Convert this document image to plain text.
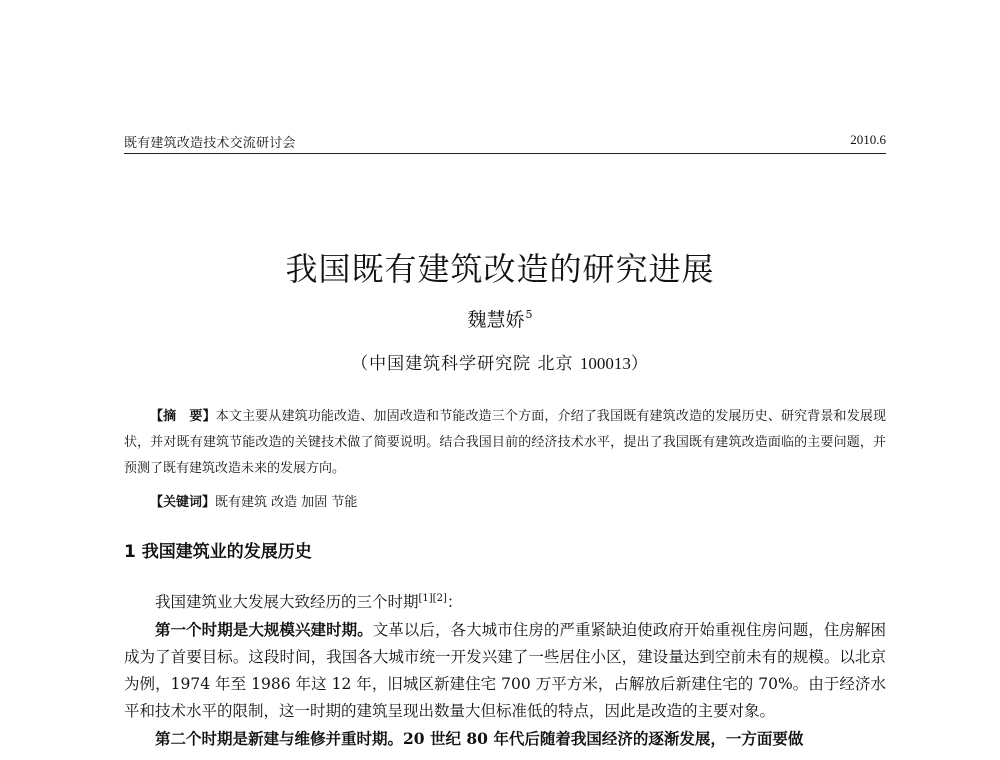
既有建筑改造技术交流研讨会	2010.6
我国既有建筑改造的研究进展
魏慧娇$^5$
（中国建筑科学研究院 北京 100013）
【摘　要】本文主要从建筑功能改造、加固改造和节能改造三个方面，介绍了我国既有建筑改造的发展历史、研究背景和发展现状，并对既有建筑节能改造的关键技术做了简要说明。结合我国目前的经济技术水平，提出了我国既有建筑改造面临的主要问题，并预测了既有建筑改造未来的发展方向。
【关键词】既有建筑 改造 加固 节能
1 我国建筑业的发展历史

我国建筑业大发展大致经历的三个时期[1][2]：

第一个时期是大规模兴建时期。文革以后，各大城市住房的严重紧缺迫使政府开始重视住房问题，住房解困成为了首要目标。这段时间，我国各大城市统一开发兴建了一些居住小区，建设量达到空前未有的规模。以北京为例，1974 年至 1986 年这 12 年，旧城区新建住宅 700 万平方米，占解放后新建住宅的 70%。由于经济水平和技术水平的限制，这一时期的建筑呈现出数量大但标准低的特点，因此是改造的主要对象。

第二个时期是新建与维修并重时期。20 世纪 80 年代后随着我国经济的逐渐发展，一方面要做
